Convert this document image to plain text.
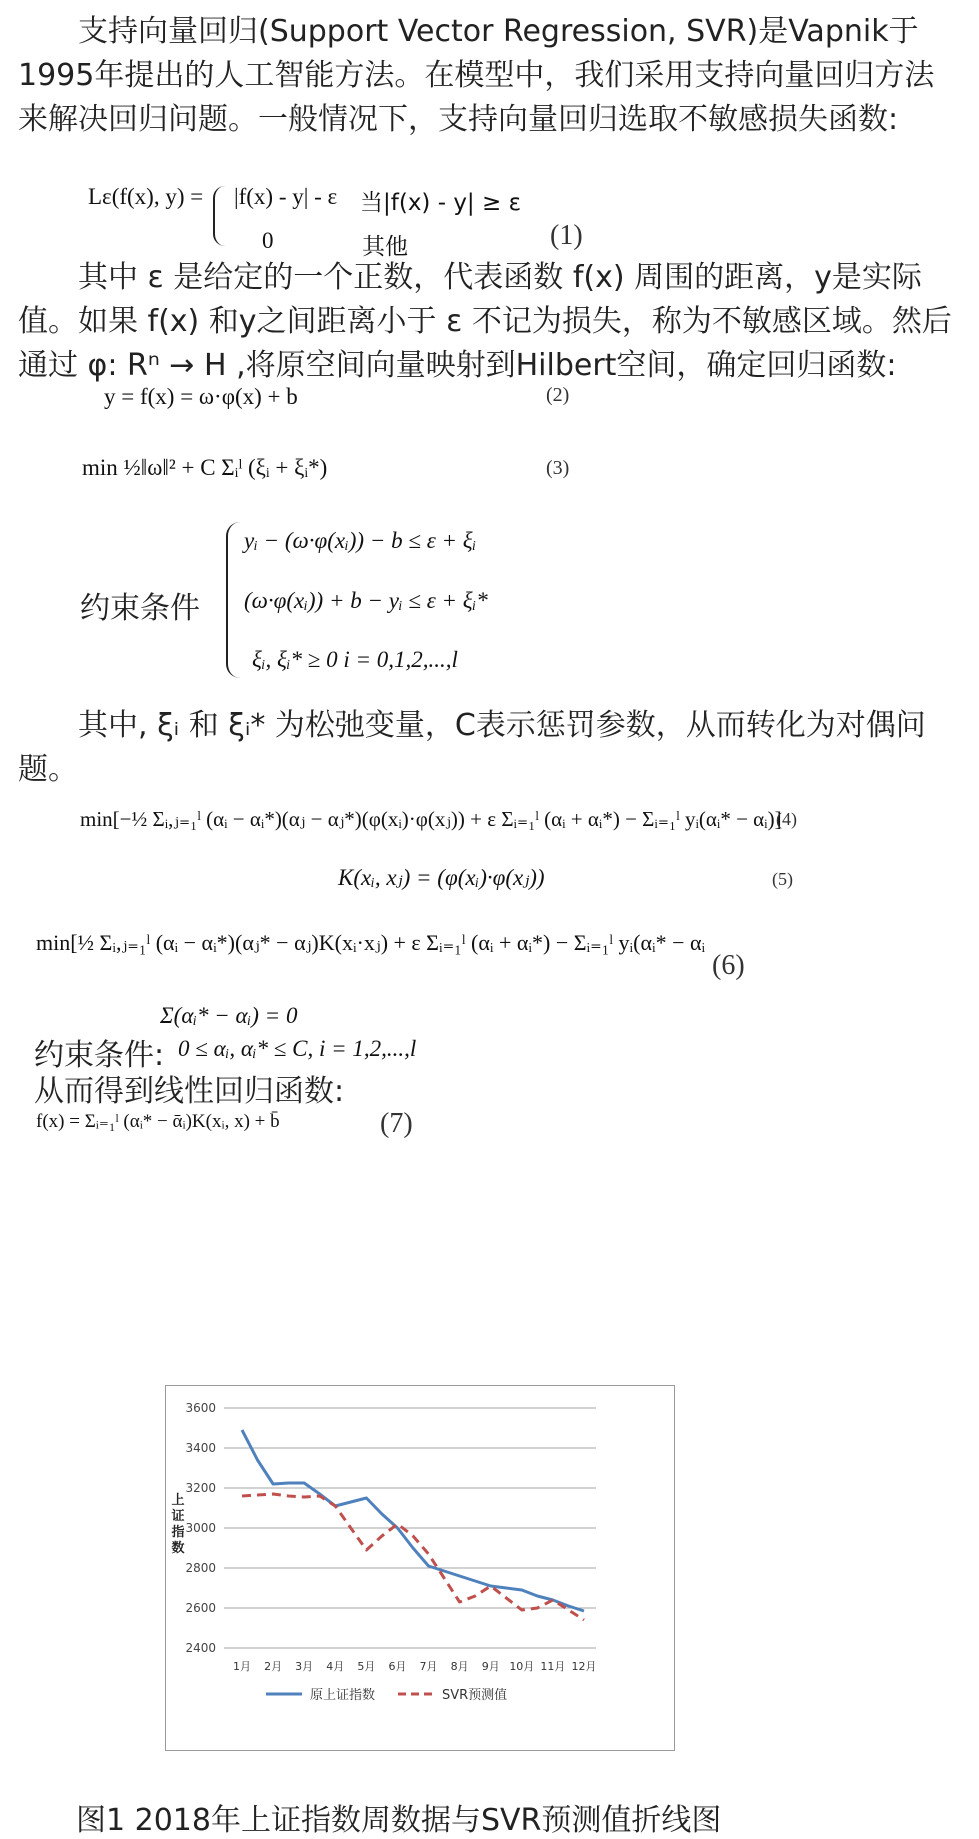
支持向量回归(Support Vector Regression, SVR)是Vapnik于1995年提出的人工智能方法。在模型中，我们采用支持向量回归方法来解决回归问题。一般情况下，支持向量回归选取不敏感损失函数:
Lε(f(x), y) = |f(x) - y| - ε 当|f(x) - y| ≥ ε
0	其他	(1)
其中 ε 是给定的一个正数，代表函数 f(x) 周围的距离，y是实际值。如果 f(x) 和y之间距离小于 ε 不记为损失，称为不敏感区域。然后通过 φ: Rⁿ → H ,将原空间向量映射到Hilbert空间，确定回归函数:
y = f(x) = ω·φ(x) + b	(2)
min ½‖ω‖² + C Σᵢˡ (ξᵢ + ξᵢ*)	(3)
约束条件
yᵢ − (ω·φ(xᵢ)) − b ≤ ε + ξᵢ
(ω·φ(xᵢ)) + b − yᵢ ≤ ε + ξᵢ*
ξᵢ, ξᵢ* ≥ 0 i = 0,1,2,...,l
其中, ξᵢ 和 ξᵢ* 为松弛变量，C表示惩罚参数，从而转化为对偶问题。
min[−½ Σᵢ,ⱼ₌₁ˡ (αᵢ − αᵢ*)(αⱼ − αⱼ*)(φ(xᵢ)·φ(xⱼ)) + ε Σᵢ₌₁ˡ (αᵢ + αᵢ*) − Σᵢ₌₁ˡ yᵢ(αᵢ* − αᵢ)]
(4)
K(xᵢ, xⱼ) = (φ(xᵢ)·φ(xⱼ))	(5)
min[½ Σᵢ,ⱼ₌₁ˡ (αᵢ − αᵢ*)(αⱼ* − αⱼ)K(xᵢ·xⱼ) + ε Σᵢ₌₁ˡ (αᵢ + αᵢ*) − Σᵢ₌₁ˡ yᵢ(αᵢ* − αᵢ
(6)
Σ(αᵢ* − αᵢ) = 0
约束条件: 0 ≤ αᵢ, αᵢ* ≤ C, i = 1,2,...,l
从而得到线性回归函数:
f(x) = Σᵢ₌₁ˡ (αᵢ* − ᾱᵢ)K(xᵢ, x) + b̄	(7)
2400
2600
2800
3000
3200
3400
3600
1月 2月 3月 4月 5月 6月 7月 8月 9月 10月 11月 12月
上
证
指
数
原上证指数	SVR预测值
图1 2018年上证指数周数据与SVR预测值折线图
